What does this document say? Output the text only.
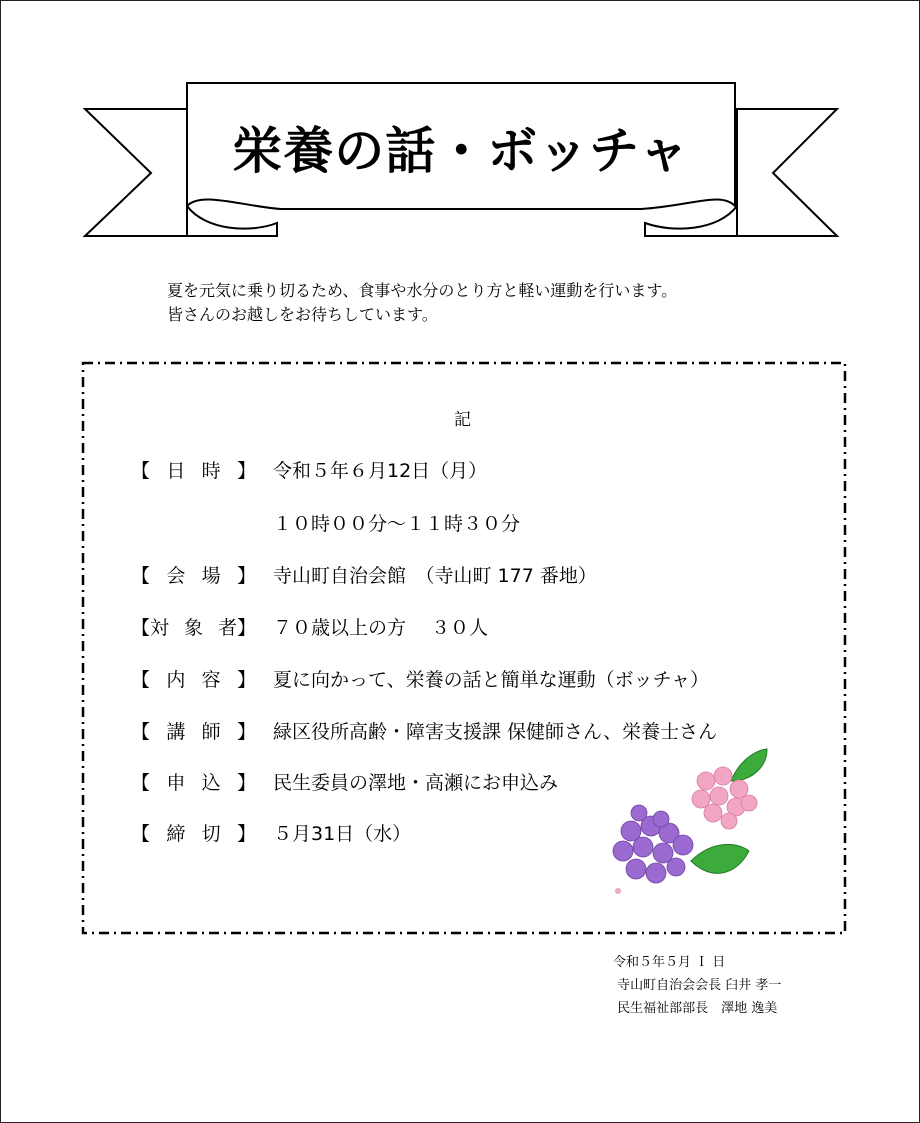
栄養の話・ボッチャ
夏を元気に乗り切るため、食事や水分のとり方と軽い運動を行います。
皆さんのお越しをお待ちしています。
記
【 日 時 】 令和５年６月12日（月）
１０時００分～１１時３０分
【 会 場 】 寺山町自治会館　（寺山町 177 番地）
【対 象 者】 ７０歳以上の方　 ３０人
【 内 容 】 夏に向かって、栄養の話と簡単な運動（ボッチャ）
【 講 師 】 緑区役所高齢・障害支援課 保健師さん、栄養士さん
【 申 込 】 民生委員の澤地・高瀬にお申込み
【 締 切 】 ５月31日（水）
令和５年５月 Ｉ 日
寺山町自治会会長 臼井 孝一
民生福祉部部長　澤地 逸美
